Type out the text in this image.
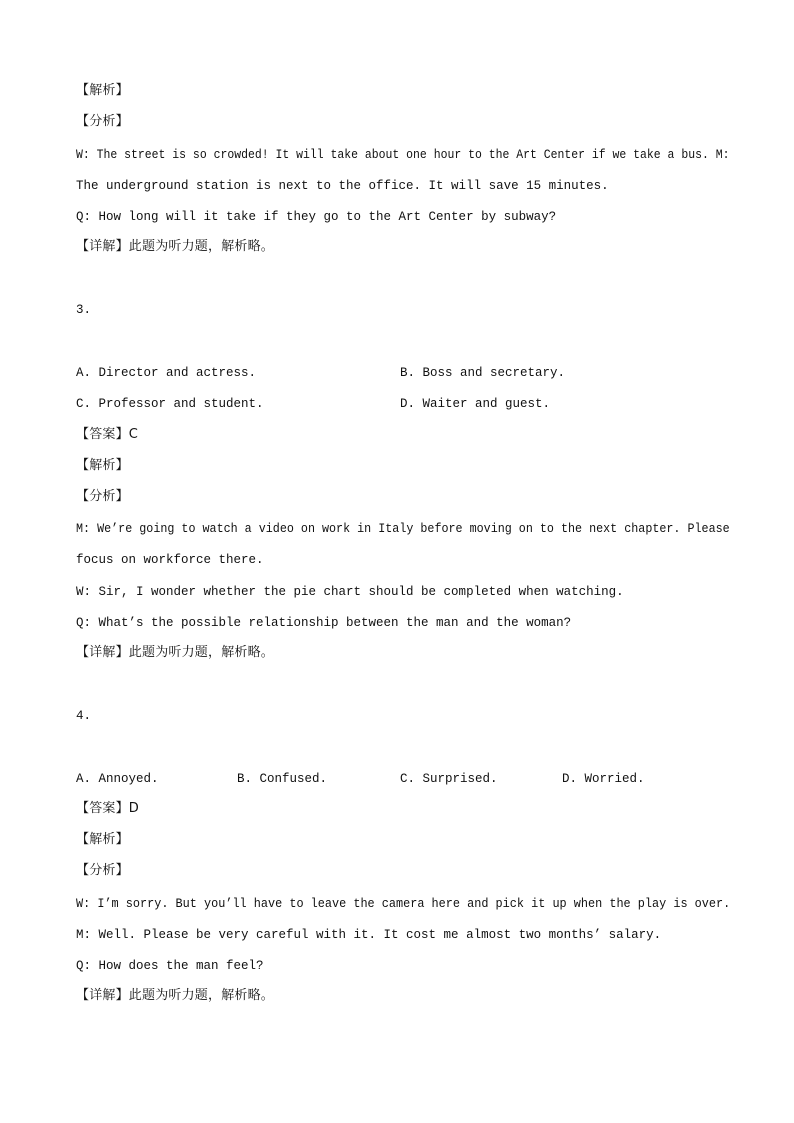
【解析】
【分析】
W: The street is so crowded! It will take about one hour to the Art Center if we take a bus. M:
The underground station is next to the office. It will save 15 minutes.
Q: How long will it take if they go to the Art Center by subway?
【详解】此题为听力题，解析略。
3.
A. Director and actress.	B. Boss and secretary.
C. Professor and student.	D. Waiter and guest.
【答案】C
【解析】
【分析】
M: We’re going to watch a video on work in Italy before moving on to the next chapter. Please
focus on workforce there.
W: Sir, I wonder whether the pie chart should be completed when watching.
Q: What’s the possible relationship between the man and the woman?
【详解】此题为听力题，解析略。
4.
A. Annoyed.	B. Confused.	C. Surprised.	D. Worried.
【答案】D
【解析】
【分析】
W: I’m sorry. But you’ll have to leave the camera here and pick it up when the play is over.
M: Well. Please be very careful with it. It cost me almost two months’ salary.
Q: How does the man feel?
【详解】此题为听力题，解析略。
